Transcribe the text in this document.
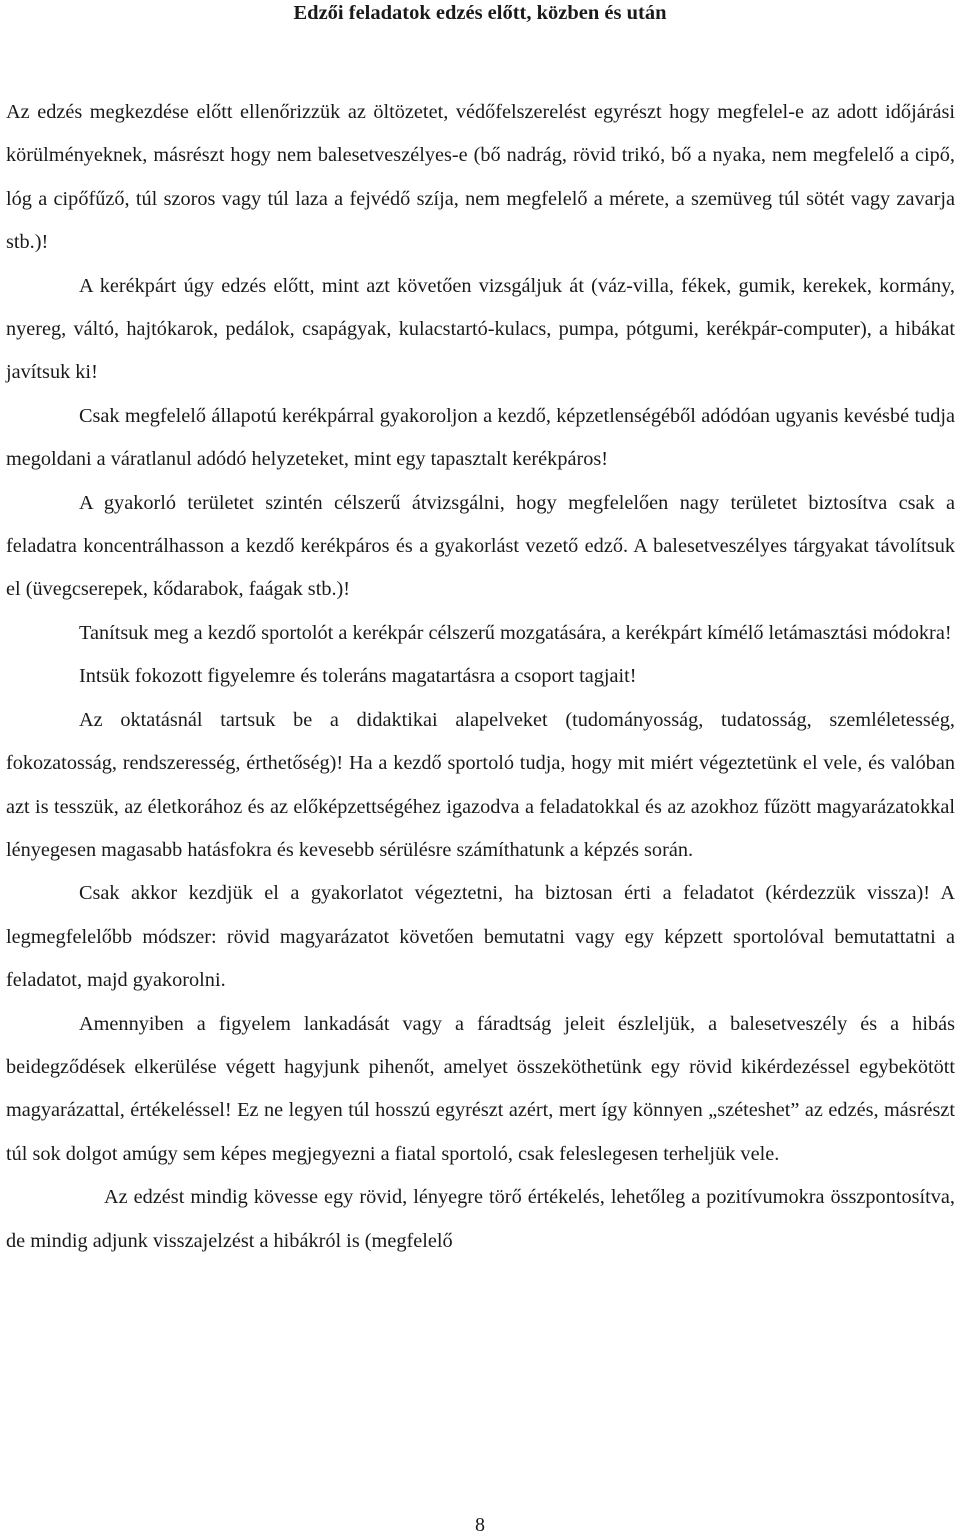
Edzői feladatok edzés előtt, közben és után

Az edzés megkezdése előtt ellenőrizzük az öltözetet, védőfelszerelést egyrészt hogy megfelel-e az adott időjárási körülményeknek, másrészt hogy nem balesetveszélyes-e (bő nadrág, rövid trikó, bő a nyaka, nem megfelelő a cipő, lóg a cipőfűző, túl szoros vagy túl laza a fejvédő szíja, nem megfelelő a mérete, a szemüveg túl sötét vagy zavarja stb.)!

A kerékpárt úgy edzés előtt, mint azt követően vizsgáljuk át (váz-villa, fékek, gumik, kerekek, kormány, nyereg, váltó, hajtókarok, pedálok, csapágyak, kulacstartó-kulacs, pumpa, pótgumi, kerékpár-computer), a hibákat javítsuk ki!

Csak megfelelő állapotú kerékpárral gyakoroljon a kezdő, képzetlenségéből adódóan ugyanis kevésbé tudja megoldani a váratlanul adódó helyzeteket, mint egy tapasztalt kerékpáros!

A gyakorló területet szintén célszerű átvizsgálni, hogy megfelelően nagy területet biztosítva csak a feladatra koncentrálhasson a kezdő kerékpáros és a gyakorlást vezető edző. A balesetveszélyes tárgyakat távolítsuk el (üvegcserepek, kődarabok, faágak stb.)!

Tanítsuk meg a kezdő sportolót a kerékpár célszerű mozgatására, a kerékpárt kímélő letámasztási módokra!

Intsük fokozott figyelemre és toleráns magatartásra a csoport tagjait!

Az oktatásnál tartsuk be a didaktikai alapelveket (tudományosság, tudatosság, szemléletesség, fokozatosság, rendszeresség, érthetőség)! Ha a kezdő sportoló tudja, hogy mit miért végeztetünk el vele, és valóban azt is tesszük, az életkorához és az előképzettségéhez igazodva a feladatokkal és az azokhoz fűzött magyarázatokkal lényegesen magasabb hatásfokra és kevesebb sérülésre számíthatunk a képzés során.

Csak akkor kezdjük el a gyakorlatot végeztetni, ha biztosan érti a feladatot (kérdezzük vissza)! A legmegfelelőbb módszer: rövid magyarázatot követően bemutatni vagy egy képzett sportolóval bemutattatni a feladatot, majd gyakorolni.

Amennyiben a figyelem lankadását vagy a fáradtság jeleit észleljük, a balesetveszély és a hibás beidegződések elkerülése végett hagyjunk pihenőt, amelyet összeköthetünk egy rövid kikérdezéssel egybekötött magyarázattal, értékeléssel! Ez ne legyen túl hosszú egyrészt azért, mert így könnyen „széteshet” az edzés, másrészt túl sok dolgot amúgy sem képes megjegyezni a fiatal sportoló, csak feleslegesen terheljük vele.

Az edzést mindig kövesse egy rövid, lényegre törő értékelés, lehetőleg a pozitívumokra összpontosítva, de mindig adjunk visszajelzést a hibákról is (megfelelő

8
